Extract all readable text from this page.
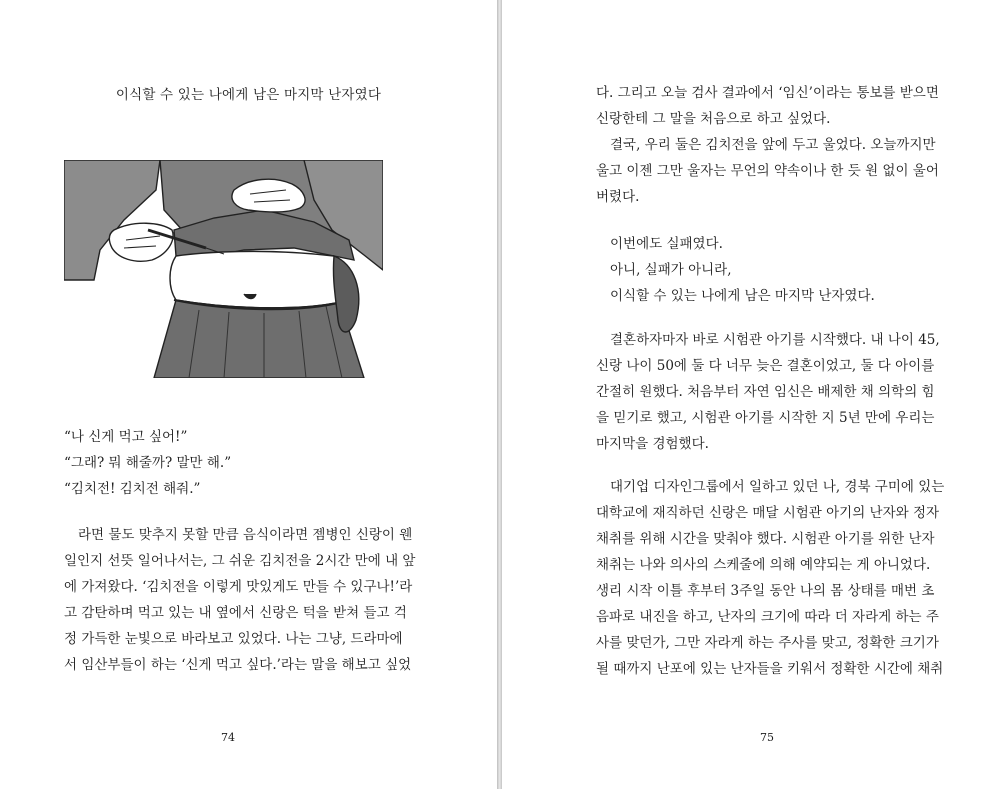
이식할 수 있는 나에게 남은 마지막 난자였다
“나 신게 먹고 싶어!”
“그래? 뭐 해줄까? 말만 해.”
“김치전! 김치전 해줘.”
라면 물도 맞추지 못할 만큼 음식이라면 젬병인 신랑이 웬
일인지 선뜻 일어나서는, 그 쉬운 김치전을 2시간 만에 내 앞
에 가져왔다. ‘김치전을 이렇게 맛있게도 만들 수 있구나!’라
고 감탄하며 먹고 있는 내 옆에서 신랑은 턱을 받쳐 들고 걱
정 가득한 눈빛으로 바라보고 있었다. 나는 그냥, 드라마에
서 임산부들이 하는 ‘신게 먹고 싶다.’라는 말을 해보고 싶었
74
다. 그리고 오늘 검사 결과에서 ‘임신’이라는 통보를 받으면
신랑한테 그 말을 처음으로 하고 싶었다.
결국, 우리 둘은 김치전을 앞에 두고 울었다. 오늘까지만
울고 이젠 그만 울자는 무언의 약속이나 한 듯 원 없이 울어
버렸다.
이번에도 실패였다.
아니, 실패가 아니라,
이식할 수 있는 나에게 남은 마지막 난자였다.
결혼하자마자 바로 시험관 아기를 시작했다. 내 나이 45,
신랑 나이 50에 둘 다 너무 늦은 결혼이었고, 둘 다 아이를
간절히 원했다. 처음부터 자연 임신은 배제한 채 의학의 힘
을 믿기로 했고, 시험관 아기를 시작한 지 5년 만에 우리는
마지막을 경험했다.
대기업 디자인그룹에서 일하고 있던 나, 경북 구미에 있는
대학교에 재직하던 신랑은 매달 시험관 아기의 난자와 정자
채취를 위해 시간을 맞춰야 했다. 시험관 아기를 위한 난자
채취는 나와 의사의 스케줄에 의해 예약되는 게 아니었다.
생리 시작 이틀 후부터 3주일 동안 나의 몸 상태를 매번 초
음파로 내진을 하고, 난자의 크기에 따라 더 자라게 하는 주
사를 맞던가, 그만 자라게 하는 주사를 맞고, 정확한 크기가
될 때까지 난포에 있는 난자들을 키워서 정확한 시간에 채취
75
